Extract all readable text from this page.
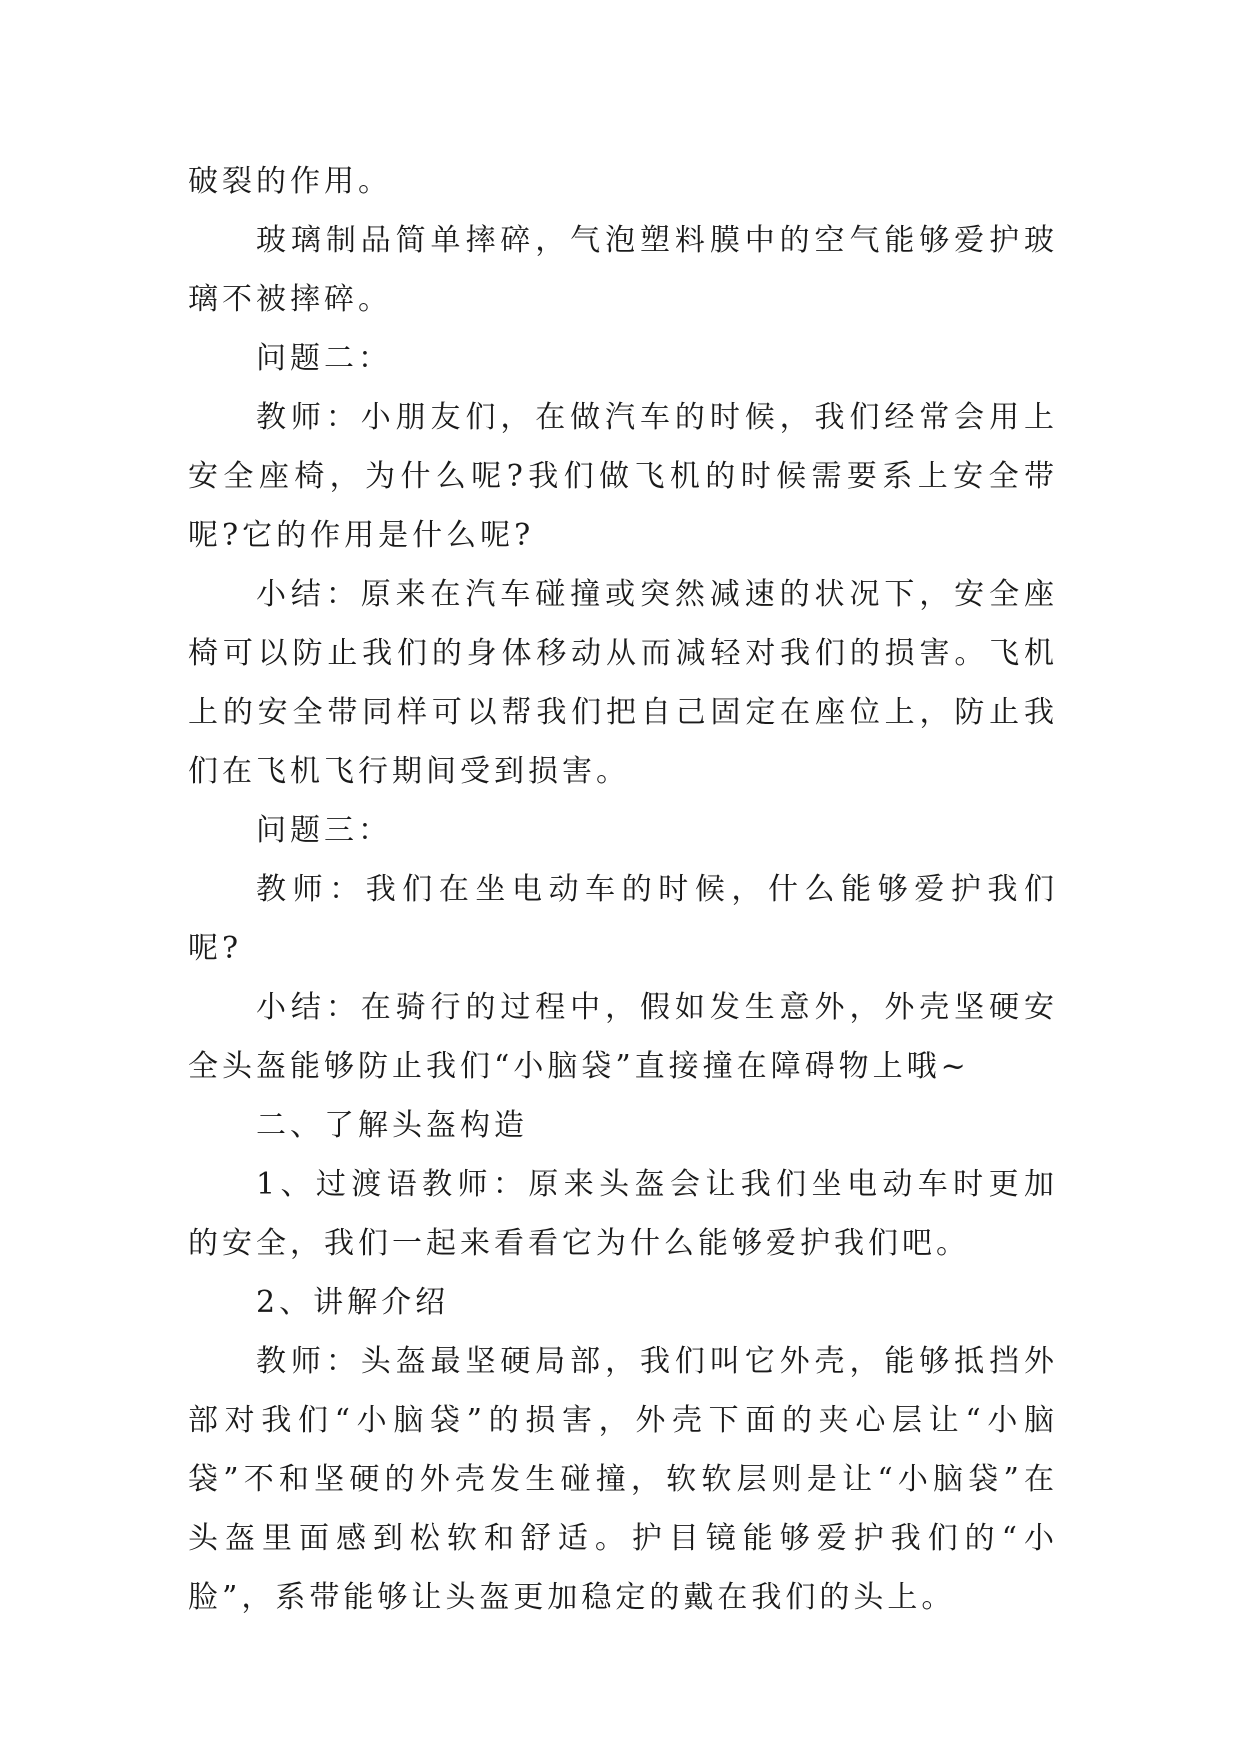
破裂的作用。

玻璃制品简单摔碎，气泡塑料膜中的空气能够爱护玻璃不被摔碎。

问题二：

教师：小朋友们，在做汽车的时候，我们经常会用上安全座椅，为什么呢?我们做飞机的时候需要系上安全带呢?它的作用是什么呢?

小结：原来在汽车碰撞或突然减速的状况下，安全座椅可以防止我们的身体移动从而减轻对我们的损害。飞机上的安全带同样可以帮我们把自己固定在座位上，防止我们在飞机飞行期间受到损害。

问题三：

教师：我们在坐电动车的时候，什么能够爱护我们呢?

小结：在骑行的过程中，假如发生意外，外壳坚硬安全头盔能够防止我们“小脑袋”直接撞在障碍物上哦~

二、了解头盔构造

1、过渡语教师：原来头盔会让我们坐电动车时更加的安全，我们一起来看看它为什么能够爱护我们吧。

2、讲解介绍

教师：头盔最坚硬局部，我们叫它外壳，能够抵挡外部对我们“小脑袋”的损害，外壳下面的夹心层让“小脑袋”不和坚硬的外壳发生碰撞，软软层则是让“小脑袋”在头盔里面感到松软和舒适。护目镜能够爱护我们的“小脸”，系带能够让头盔更加稳定的戴在我们的头上。
